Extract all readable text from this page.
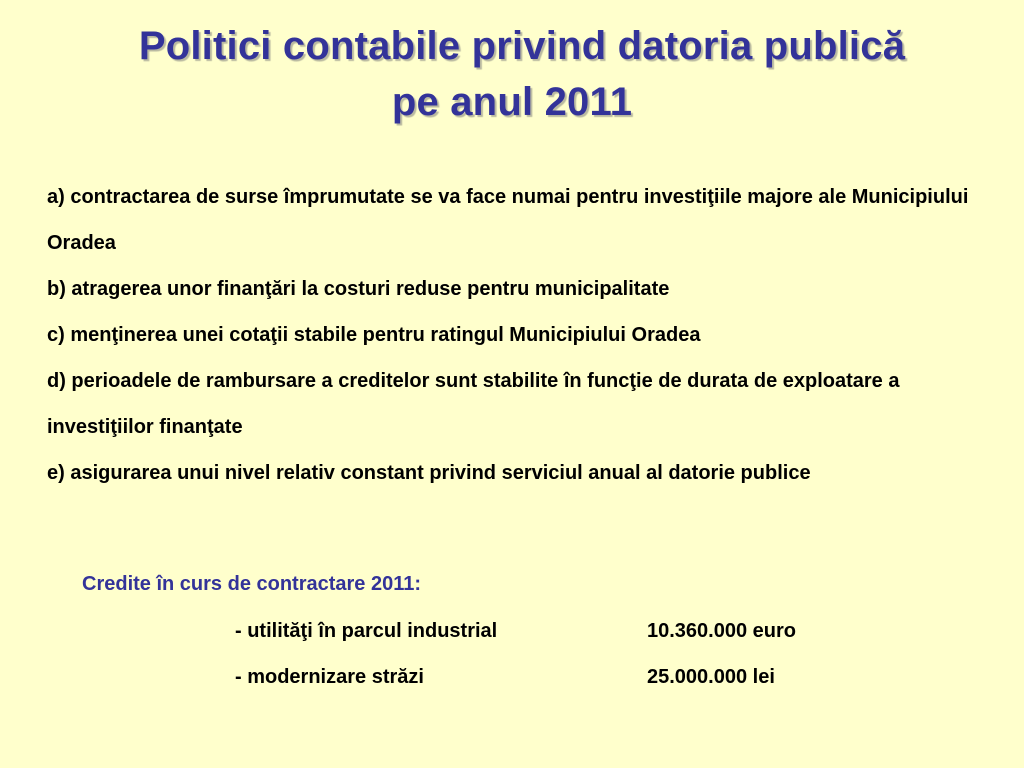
Politici contabile privind datoria publică
pe anul 2011
a) contractarea de surse împrumutate se va face numai pentru investiţiile majore ale Municipiului Oradea
b) atragerea unor finanţări la costuri reduse pentru municipalitate
c) menţinerea unei cotaţii stabile pentru ratingul Municipiului Oradea
d) perioadele de rambursare a creditelor sunt stabilite în funcţie de durata de exploatare a investiţiilor finanţate
e) asigurarea unui nivel relativ constant privind serviciul anual al datorie publice
Credite în curs de contractare 2011:
- utilităţi în parcul industrial	10.360.000 euro
- modernizare străzi	25.000.000 lei
